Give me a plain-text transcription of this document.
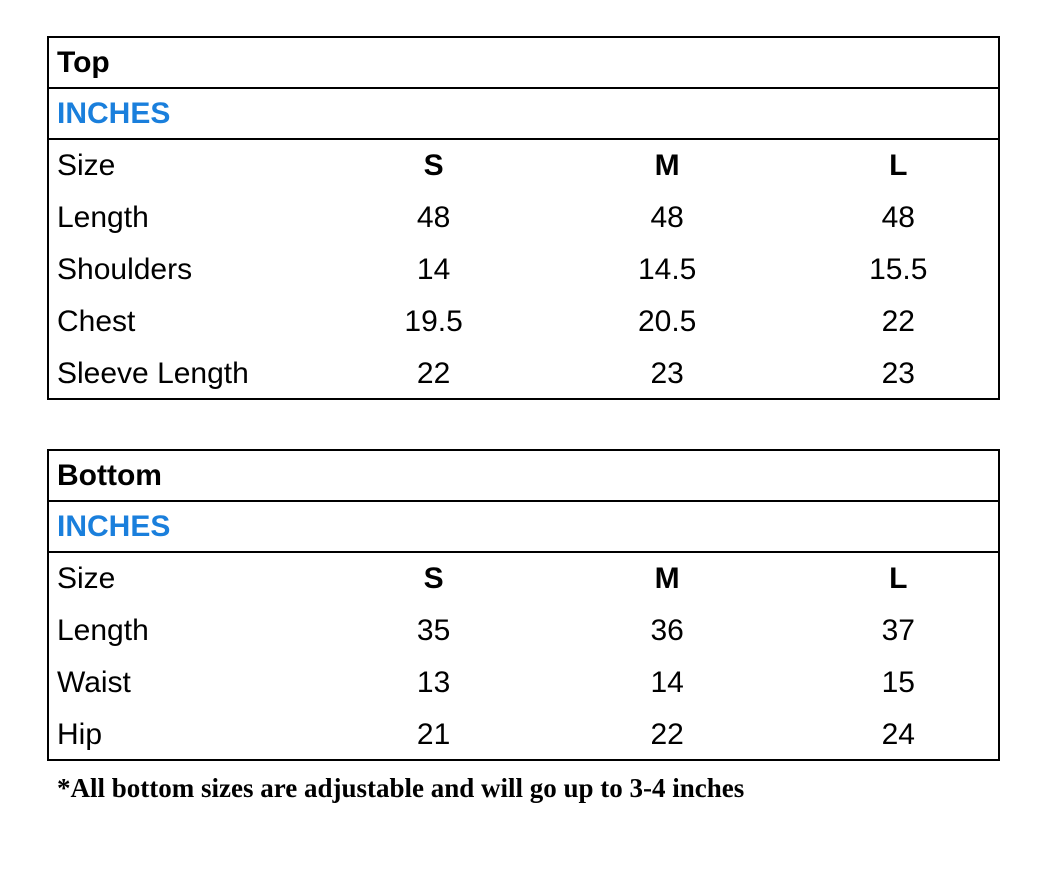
Top
INCHES
Size	S	M	L
Length	48	48	48
Shoulders	14	14.5	15.5
Chest	19.5	20.5	22
Sleeve Length	22	23	23
Bottom
INCHES
Size	S	M	L
Length	35	36	37
Waist	13	14	15
Hip	21	22	24
*All bottom sizes are adjustable and will go up to 3-4 inches
